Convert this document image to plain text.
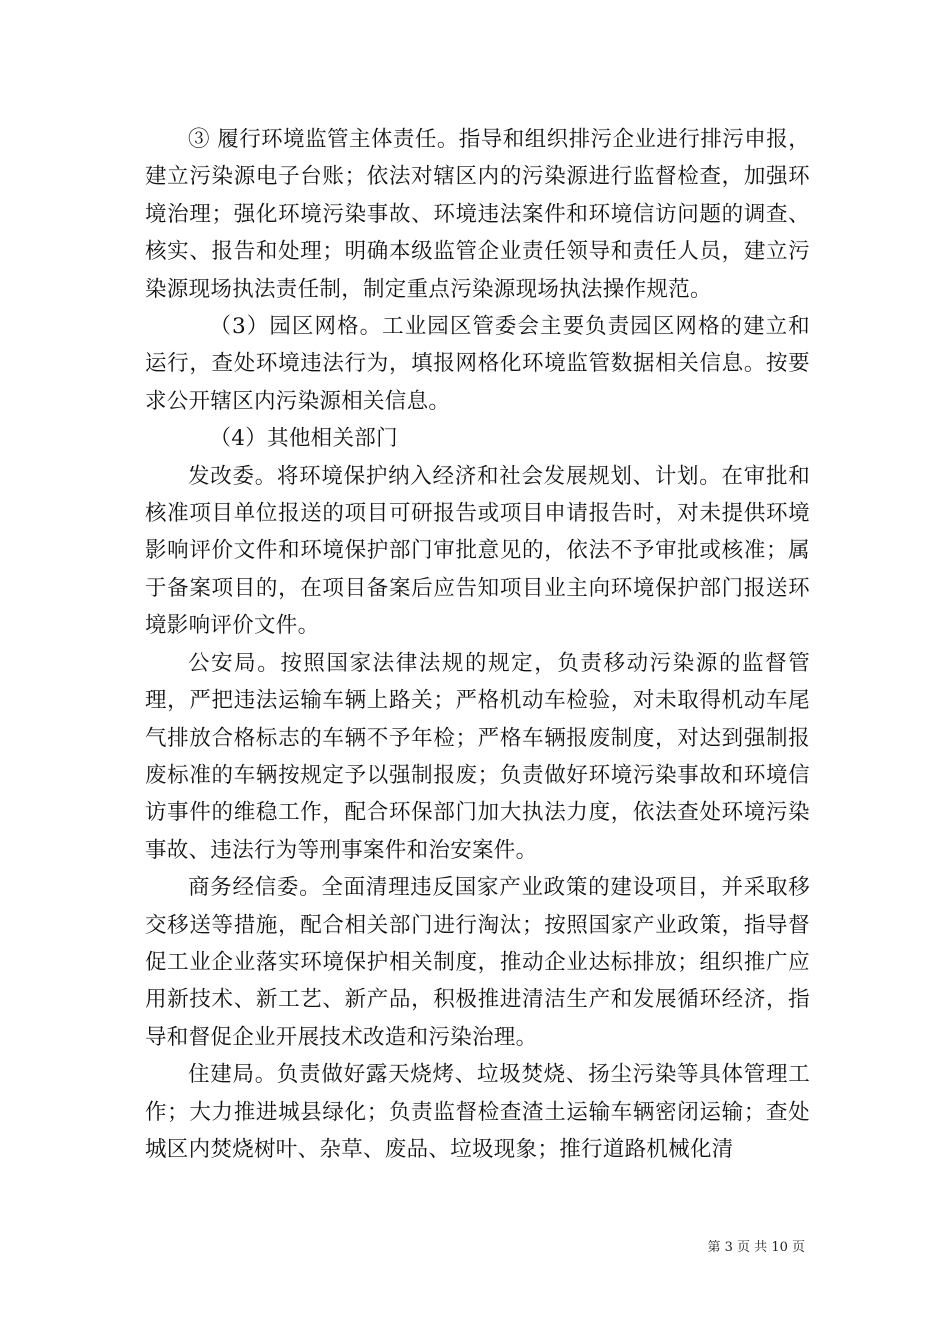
③ 履行环境监管主体责任。指导和组织排污企业进行排污申报，建立污染源电子台账；依法对辖区内的污染源进行监督检查，加强环境治理；强化环境污染事故、环境违法案件和环境信访问题的调查、核实、报告和处理；明确本级监管企业责任领导和责任人员，建立污染源现场执法责任制，制定重点污染源现场执法操作规范。

（3）园区网格。工业园区管委会主要负责园区网格的建立和运行，查处环境违法行为，填报网格化环境监管数据相关信息。按要求公开辖区内污染源相关信息。

（4）其他相关部门

发改委。将环境保护纳入经济和社会发展规划、计划。在审批和核准项目单位报送的项目可研报告或项目申请报告时，对未提供环境影响评价文件和环境保护部门审批意见的，依法不予审批或核准；属于备案项目的，在项目备案后应告知项目业主向环境保护部门报送环境影响评价文件。

公安局。按照国家法律法规的规定，负责移动污染源的监督管理，严把违法运输车辆上路关；严格机动车检验，对未取得机动车尾气排放合格标志的车辆不予年检；严格车辆报废制度，对达到强制报废标准的车辆按规定予以强制报废；负责做好环境污染事故和环境信访事件的维稳工作，配合环保部门加大执法力度，依法查处环境污染事故、违法行为等刑事案件和治安案件。

商务经信委。全面清理违反国家产业政策的建设项目，并采取移交移送等措施，配合相关部门进行淘汰；按照国家产业政策，指导督促工业企业落实环境保护相关制度，推动企业达标排放；组织推广应用新技术、新工艺、新产品，积极推进清洁生产和发展循环经济，指导和督促企业开展技术改造和污染治理。

住建局。负责做好露天烧烤、垃圾焚烧、扬尘污染等具体管理工作；大力推进城县绿化；负责监督检查渣土运输车辆密闭运输；查处城区内焚烧树叶、杂草、废品、垃圾现象；推行道路机械化清

第 3 页 共 10 页
